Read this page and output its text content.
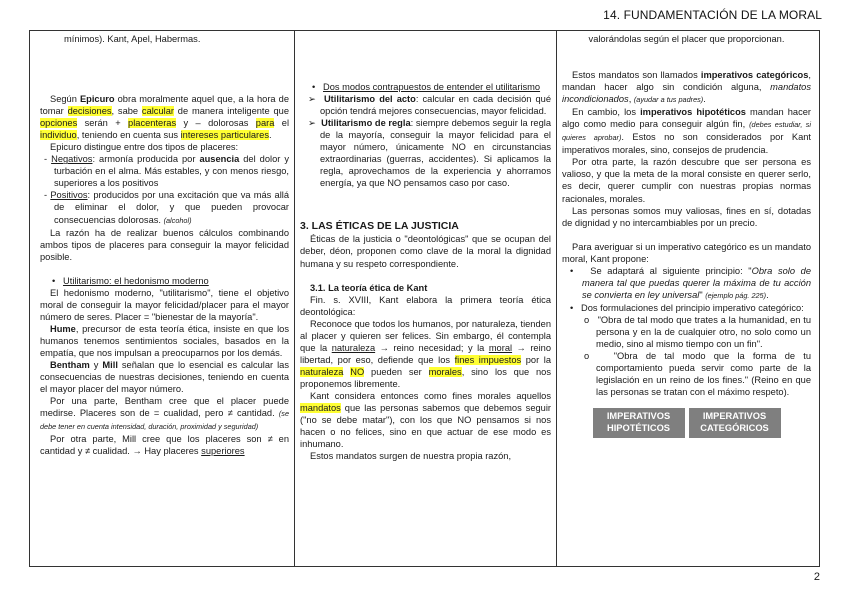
14. FUNDAMENTACIÓN DE LA MORAL

mínimos). Kant, Apel, Habermas.

Según Epicuro obra moralmente aquel que, a la hora de tomar decisiones, sabe calcular de manera inteligente que opciones serán + placenteras y – dolorosas para el individuo, teniendo en cuenta sus intereses particulares.

Epicuro distingue entre dos tipos de placeres:

- Negativos: armonía producida por ausencia del dolor y turbación en el alma. Más estables, y con menos riesgo, superiores a los positivos

- Positivos: producidos por una excitación que va más allá de eliminar el dolor, y que pueden provocar consecuencias dolorosas. (alcohol)

La razón ha de realizar buenos cálculos combinando ambos tipos de placeres para conseguir la mayor felicidad posible.

•   Utilitarismo: el hedonismo moderno

El hedonismo moderno, "utilitarismo", tiene el objetivo moral de conseguir la mayor felicidad/placer para el mayor número de seres. Placer = "bienestar de la mayoría".

Hume, precursor de esta teoría ética, insiste en que los humanos tenemos sentimientos sociales, basados en la empatía, que nos impulsan a preocuparnos por los demás.

Bentham y Mill señalan que lo esencial es calcular las consecuencias de nuestras decisiones, teniendo en cuenta el mayor placer del mayor número.

Por una parte, Bentham cree que el placer puede medirse. Placeres son de = cualidad, pero ≠ cantidad. (se debe tener en cuenta intensidad, duración, proximidad y seguridad)

Por otra parte, Mill cree que los placeres son ≠ en cantidad y ≠ cualidad. → Hay placeres superiores

•   Dos modos contrapuestos de entender el utilitarismo

➢ Utilitarismo del acto: calcular en cada decisión qué opción tendrá mejores consecuencias, mayor felicidad.

➢ Utilitarismo de regla: siempre debemos seguir la regla de la mayoría, conseguir la mayor felicidad para el mayor número, únicamente NO en circunstancias extraordinarias (guerras, accidentes). Si aplicamos la regla, aprovechamos de la experiencia y ahorramos energía, ya que NO pensamos caso por caso.

3. LAS ÉTICAS DE LA JUSTICIA

Éticas de la justicia o "deontológicas" que se ocupan del deber, déon, proponen como clave de la moral la dignidad humana y su respeto correspondiente.

3.1. La teoría ética de Kant

Fin. s. XVIII, Kant elabora la primera teoría ética deontológica:

Reconoce que todos los humanos, por naturaleza, tienden al placer y quieren ser felices. Sin embargo, él contempla que la naturaleza → reino necesidad; y la moral → reino libertad, por eso, defiende que los fines impuestos por la naturaleza NO pueden ser morales, sino los que nos proponemos libremente.

Kant considera entonces como fines morales aquellos mandatos que las personas sabemos que debemos seguir ("no se debe matar"), con los que NO pensamos si nos hacen o no felices, sino en que actuar de ese modo es inhumano.

Estos mandatos surgen de nuestra propia razón,

valorándolas según el placer que proporcionan.

Estos mandatos son llamados imperativos categóricos, mandan hacer algo sin condición alguna, mandatos incondicionados, (ayudar a tus padres).

En cambio, los imperativos hipotéticos mandan hacer algo como medio para conseguir algún fin, (debes estudiar, si quieres aprobar). Estos no son considerados por Kant imperativos morales, sino, consejos de prudencia.

Por otra parte, la razón descubre que ser persona es valioso, y que la meta de la moral consiste en querer serlo, es decir, querer cumplir con nuestras propias normas racionales, morales.

Las personas somos muy valiosas, fines en sí, dotadas de dignidad y no intercambiables por un precio.

Para averiguar si un imperativo categórico es un mandato moral, Kant propone:

• Se adaptará al siguiente principio: "Obra solo de manera tal que puedas querer la máxima de tu acción se convierta en ley universal" (ejemplo pág. 225).

• Dos formulaciones del principio imperativo categórico:

o "Obra de tal modo que trates a la humanidad, en tu persona y en la de cualquier otro, no solo como un medio, sino al mismo tiempo con un fin".

o	"Obra de tal modo que la forma de tu comportamiento pueda servir como parte de la legislación en un reino de los fines." (Reino en que las personas se tratan con el máximo respeto).

IMPERATIVOS HIPOTÉTICOS
IMPERATIVOS CATEGÓRICOS
2
